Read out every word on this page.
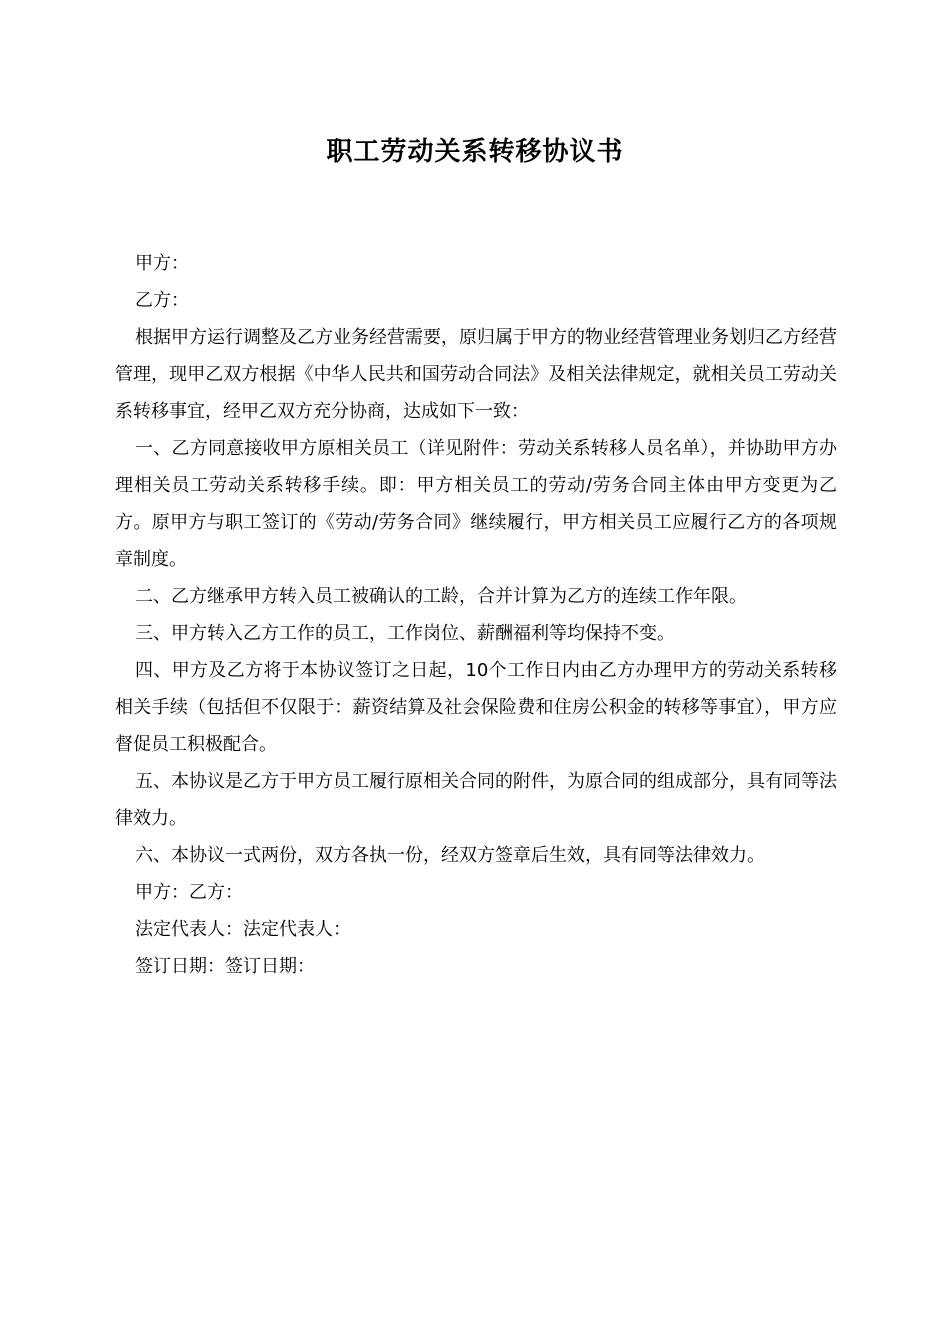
职工劳动关系转移协议书

甲方：

乙方：

根据甲方运行调整及乙方业务经营需要，原归属于甲方的物业经营管理业务划归乙方经营管理，现甲乙双方根据《中华人民共和国劳动合同法》及相关法律规定，就相关员工劳动关系转移事宜，经甲乙双方充分协商，达成如下一致：

一、乙方同意接收甲方原相关员工（详见附件：劳动关系转移人员名单），并协助甲方办理相关员工劳动关系转移手续。即：甲方相关员工的劳动/劳务合同主体由甲方变更为乙方。原甲方与职工签订的《劳动/劳务合同》继续履行，甲方相关员工应履行乙方的各项规章制度。

二、乙方继承甲方转入员工被确认的工龄，合并计算为乙方的连续工作年限。

三、甲方转入乙方工作的员工，工作岗位、薪酬福利等均保持不变。

四、甲方及乙方将于本协议签订之日起，10个工作日内由乙方办理甲方的劳动关系转移相关手续（包括但不仅限于：薪资结算及社会保险费和住房公积金的转移等事宜），甲方应督促员工积极配合。

五、本协议是乙方于甲方员工履行原相关合同的附件，为原合同的组成部分，具有同等法律效力。

六、本协议一式两份，双方各执一份，经双方签章后生效，具有同等法律效力。

甲方：乙方：

法定代表人：法定代表人：

签订日期：签订日期：
